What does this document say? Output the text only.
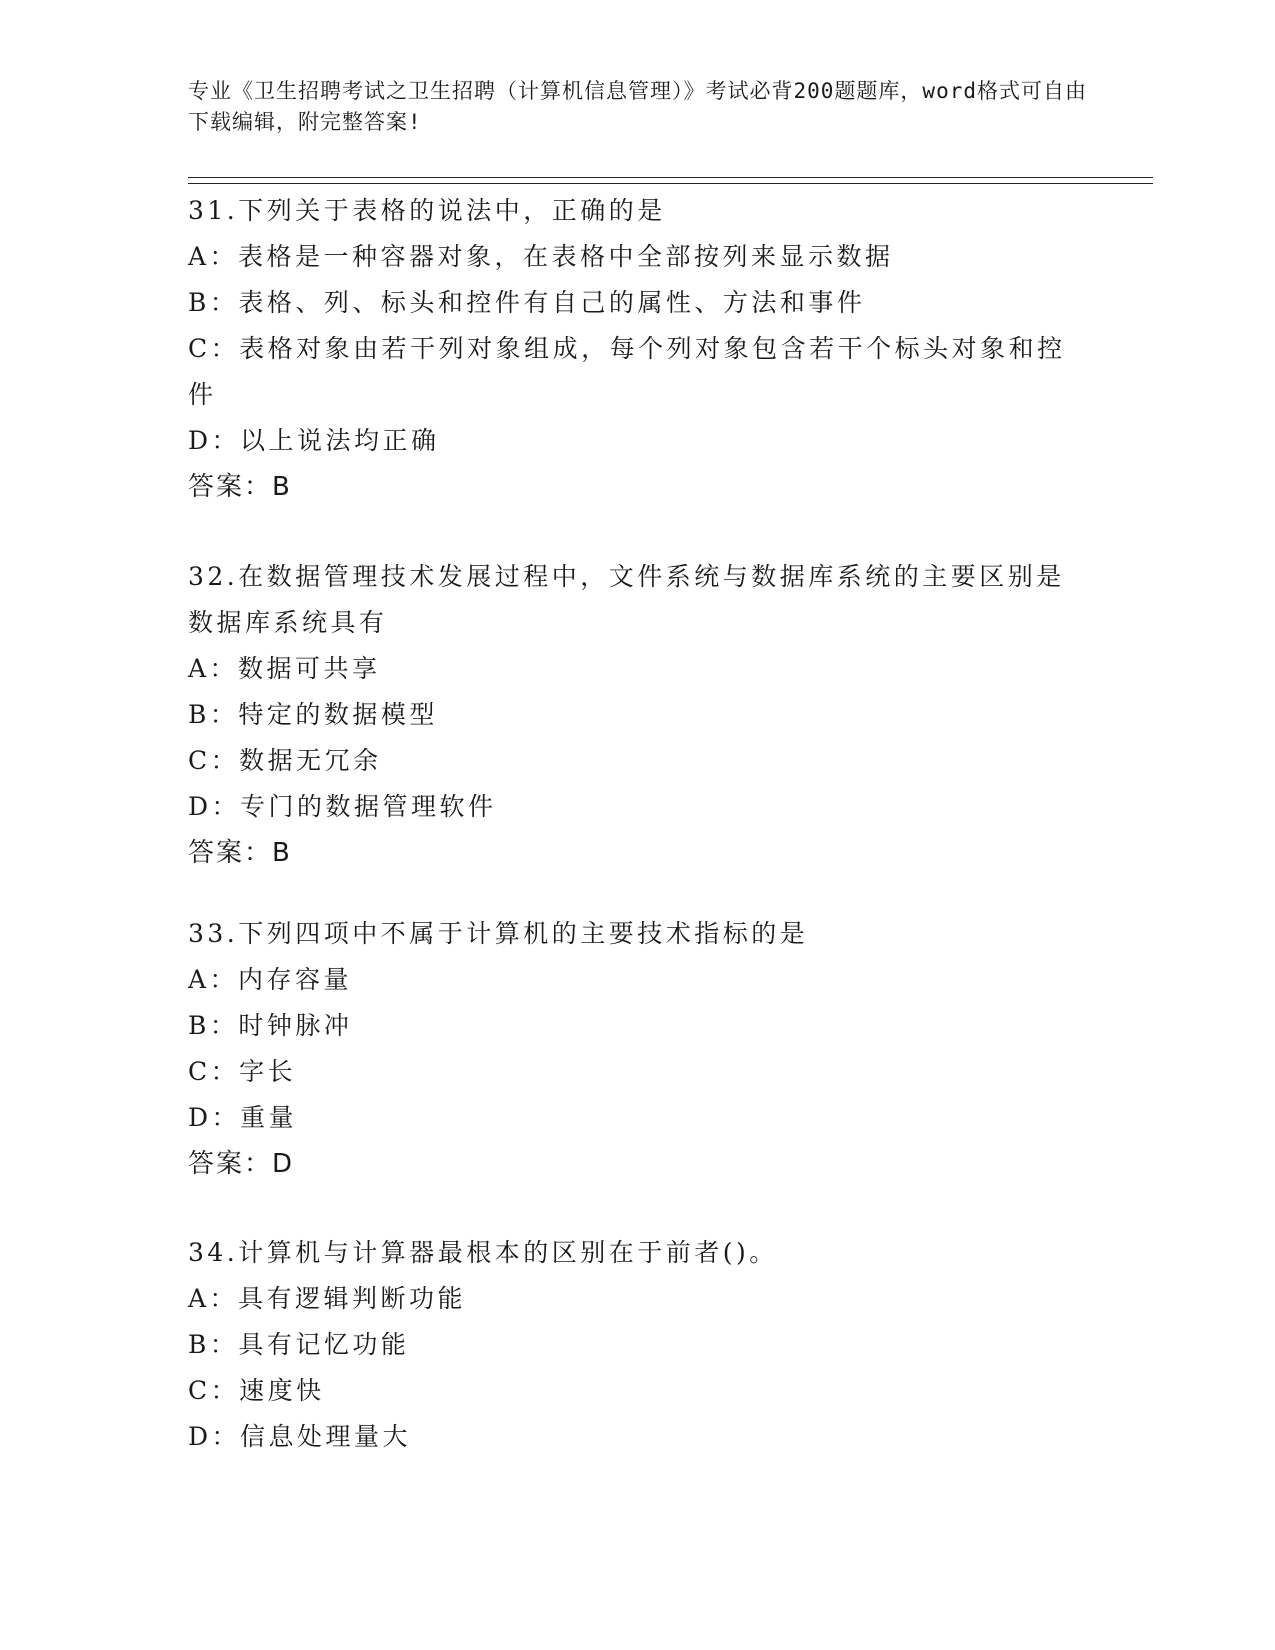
专业《卫生招聘考试之卫生招聘（计算机信息管理）》考试必背200题题库，word格式可自由下载编辑，附完整答案!
31.下列关于表格的说法中，正确的是
A：表格是一种容器对象，在表格中全部按列来显示数据
B：表格、列、标头和控件有自己的属性、方法和事件
C：表格对象由若干列对象组成，每个列对象包含若干个标头对象和控
件
D：以上说法均正确
答案：B
32.在数据管理技术发展过程中，文件系统与数据库系统的主要区别是
数据库系统具有
A：数据可共享
B：特定的数据模型
C：数据无冗余
D：专门的数据管理软件
答案：B
33.下列四项中不属于计算机的主要技术指标的是
A：内存容量
B：时钟脉冲
C：字长
D：重量
答案：D
34.计算机与计算器最根本的区别在于前者()。
A：具有逻辑判断功能
B：具有记忆功能
C：速度快
D：信息处理量大
